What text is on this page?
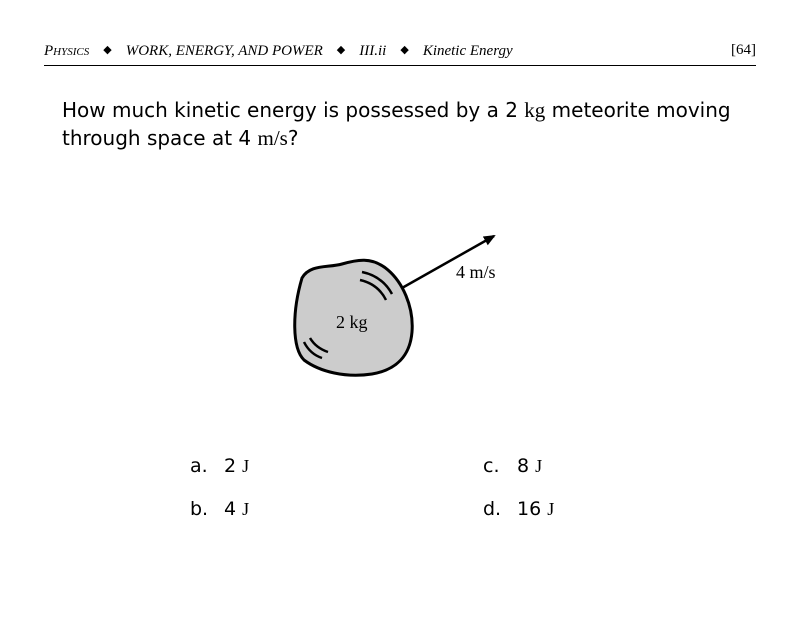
Physics ◆ WORK, ENERGY, AND POWER ◆ III.ii ◆ Kinetic Energy	[64]
How much kinetic energy is possessed by a 2 kg meteorite moving through space at 4 m/s?
4 m/s
2 kg
a. 2 J
b. 4 J
c. 8 J
d. 16 J
